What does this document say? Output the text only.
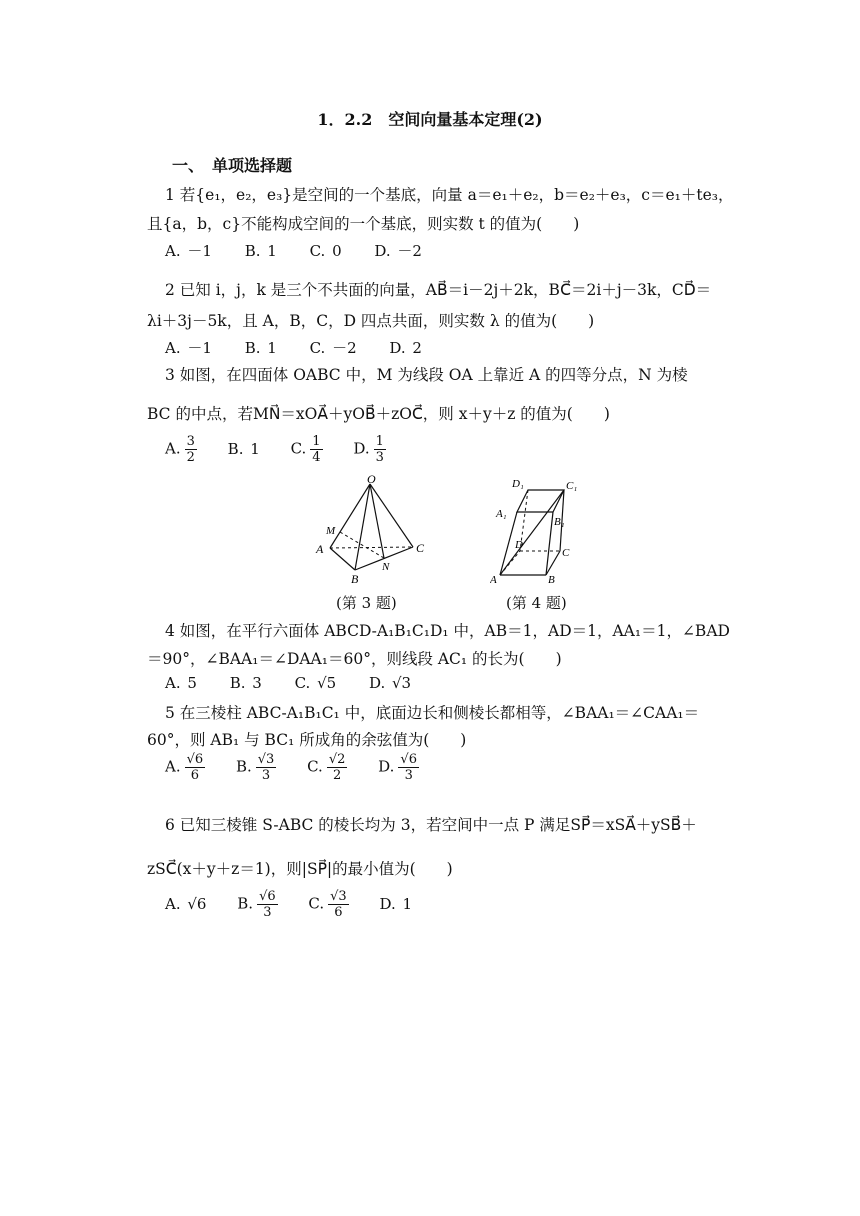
1．2.2　空间向量基本定理(2)
一、　单项选择题
1 若{e₁，e₂，e₃}是空间的一个基底，向量 a＝e₁＋e₂，b＝e₂＋e₃，c＝e₁＋te₃，
且{a，b，c}不能构成空间的一个基底，则实数 t 的值为(　　)
A. －1 B. 1 C. 0 D. －2
2 已知 i，j，k 是三个不共面的向量，AB⃗＝i－2j＋2k，BC⃗＝2i＋j－3k，CD⃗＝
λi＋3j－5k，且 A，B，C，D 四点共面，则实数 λ 的值为(　　)
A. －1 B. 1 C. －2 D. 2
3 如图，在四面体 OABC 中，M 为线段 OA 上靠近 A 的四等分点，N 为棱
BC 的中点，若MN⃗＝xOA⃗＋yOB⃗＋zOC⃗，则 x＋y＋z 的值为(　　)
A. $\frac{3}{2} B$. 1 C. $\frac{1}{4} D$. $\frac{1}{3}$
O
M
A
B
N
C
D₁	C₁
A₁
B₁
D
C
A	B
(第 3 题)	(第 4 题)
4 如图，在平行六面体 ABCD-A₁B₁C₁D₁ 中，AB＝1，AD＝1，AA₁＝1，∠BAD
＝90°，∠BAA₁＝∠DAA₁＝60°，则线段 AC₁ 的长为(　　)
A. 5 B. 3 C. √5 D. √3
5 在三棱柱 ABC-A₁B₁C₁ 中，底面边长和侧棱长都相等，∠BAA₁＝∠CAA₁＝
60°，则 AB₁ 与 BC₁ 所成角的余弦值为(　　)
A. $\frac{√6}{6} B$. $\frac{√3}{3} C$. $\frac{√2}{2} D$. $\frac{√6}{3}$
6 已知三棱锥 S-ABC 的棱长均为 3，若空间中一点 P 满足SP⃗＝xSA⃗＋ySB⃗＋
zSC⃗(x＋y＋z＝1)，则|SP⃗|的最小值为(　　)
A. √6 B. $\frac{√6}{3} C$. $\frac{√3}{6} D$. 1
